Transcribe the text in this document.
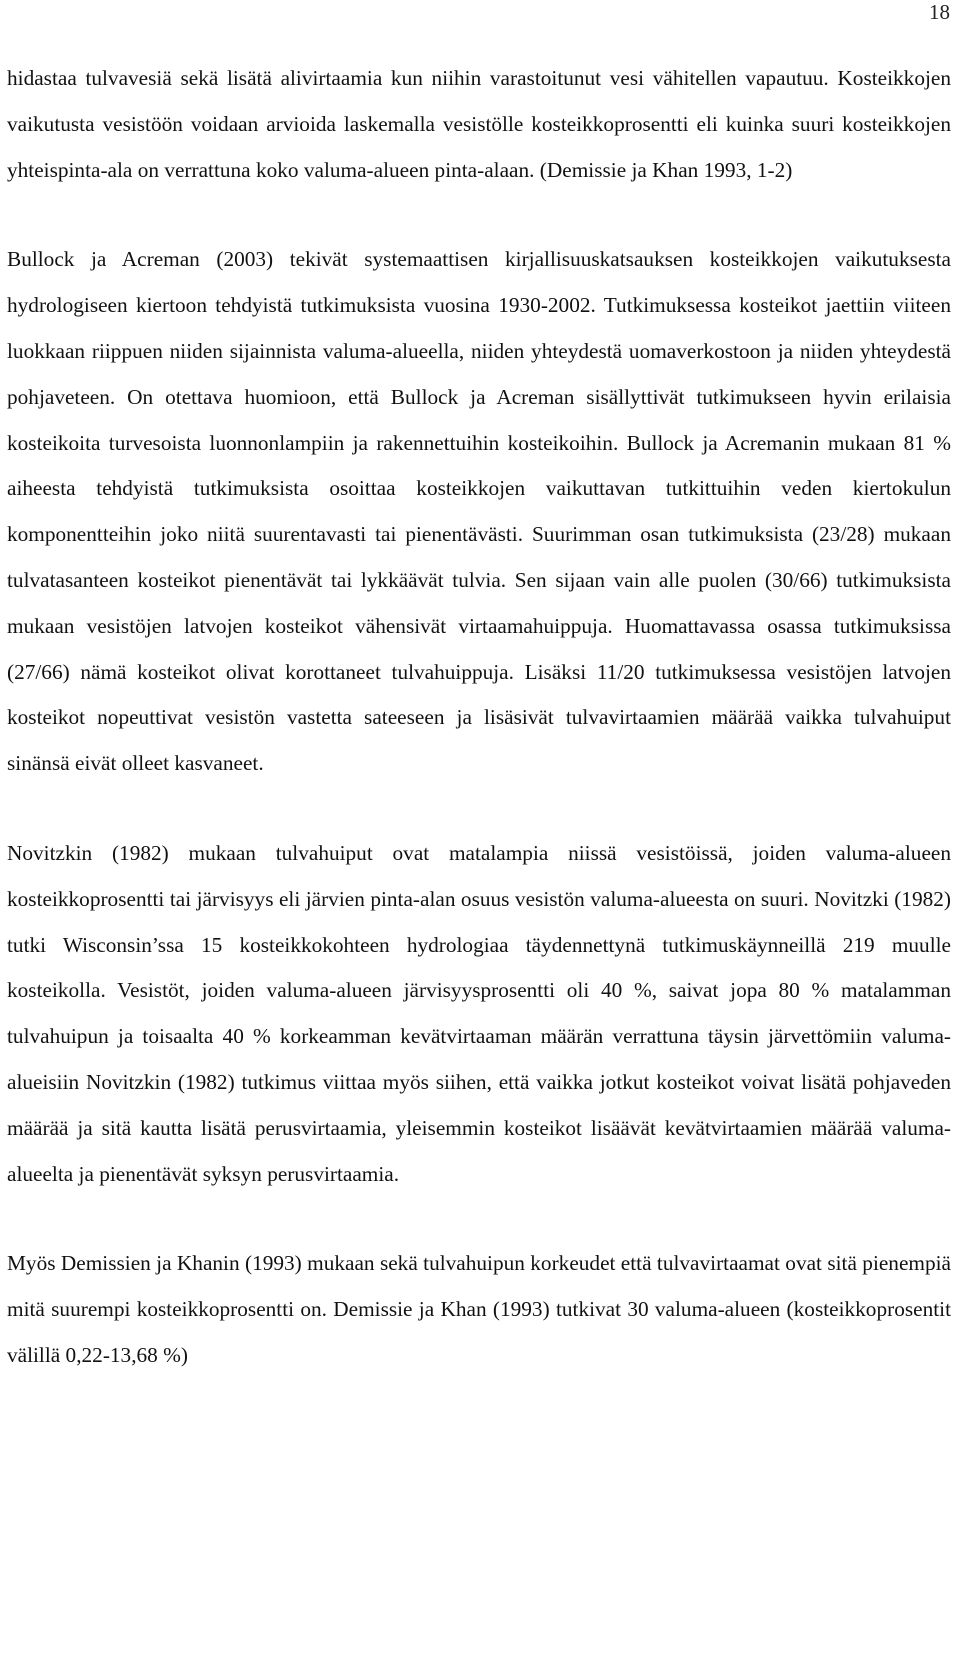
18

hidastaa tulvavesiä sekä lisätä alivirtaamia kun niihin varastoitunut vesi vähitellen vapautuu. Kosteikkojen vaikutusta vesistöön voidaan arvioida laskemalla vesistölle kosteikkoprosentti eli kuinka suuri kosteikkojen yhteispinta-ala on verrattuna koko valuma-alueen pinta-alaan. (Demissie ja Khan 1993, 1-2)

Bullock ja Acreman (2003) tekivät systemaattisen kirjallisuuskatsauksen kosteikkojen vaikutuksesta hydrologiseen kiertoon tehdyistä tutkimuksista vuosina 1930-2002. Tutkimuksessa kosteikot jaettiin viiteen luokkaan riippuen niiden sijainnista valuma-alueella, niiden yhteydestä uomaverkostoon ja niiden yhteydestä pohjaveteen. On otettava huomioon, että Bullock ja Acreman sisällyttivät tutkimukseen hyvin erilaisia kosteikoita turvesoista luonnonlampiin ja rakennettuihin kosteikoihin. Bullock ja Acremanin mukaan 81 % aiheesta tehdyistä tutkimuksista osoittaa kosteikkojen vaikuttavan tutkittuihin veden kiertokulun komponentteihin joko niitä suurentavasti tai pienentävästi. Suurimman osan tutkimuksista (23/28) mukaan tulvatasanteen kosteikot pienentävät tai lykkäävät tulvia. Sen sijaan vain alle puolen (30/66) tutkimuksista mukaan vesistöjen latvojen kosteikot vähensivät virtaamahuippuja. Huomattavassa osassa tutkimuksissa (27/66) nämä kosteikot olivat korottaneet tulvahuippuja. Lisäksi 11/20 tutkimuksessa vesistöjen latvojen kosteikot nopeuttivat vesistön vastetta sateeseen ja lisäsivät tulvavirtaamien määrää vaikka tulvahuiput sinänsä eivät olleet kasvaneet.

Novitzkin (1982) mukaan tulvahuiput ovat matalampia niissä vesistöissä, joiden valuma-alueen kosteikkoprosentti tai järvisyys eli järvien pinta-alan osuus vesistön valuma-alueesta on suuri. Novitzki (1982) tutki Wisconsin’ssa 15 kosteikkokohteen hydrologiaa täydennettynä tutkimuskäynneillä 219 muulle kosteikolla. Vesistöt, joiden valuma-alueen järvisyysprosentti oli 40 %, saivat jopa 80 % matalamman tulvahuipun ja toisaalta 40 % korkeamman kevätvirtaaman määrän verrattuna täysin järvettömiin valuma-alueisiin Novitzkin (1982) tutkimus viittaa myös siihen, että vaikka jotkut kosteikot voivat lisätä pohjaveden määrää ja sitä kautta lisätä perusvirtaamia, yleisemmin kosteikot lisäävät kevätvirtaamien määrää valuma-alueelta ja pienentävät syksyn perusvirtaamia.

Myös Demissien ja Khanin (1993) mukaan sekä tulvahuipun korkeudet että tulvavirtaamat ovat sitä pienempiä mitä suurempi kosteikkoprosentti on. Demissie ja Khan (1993) tutkivat 30 valuma-alueen (kosteikkoprosentit välillä 0,22-13,68 %)
